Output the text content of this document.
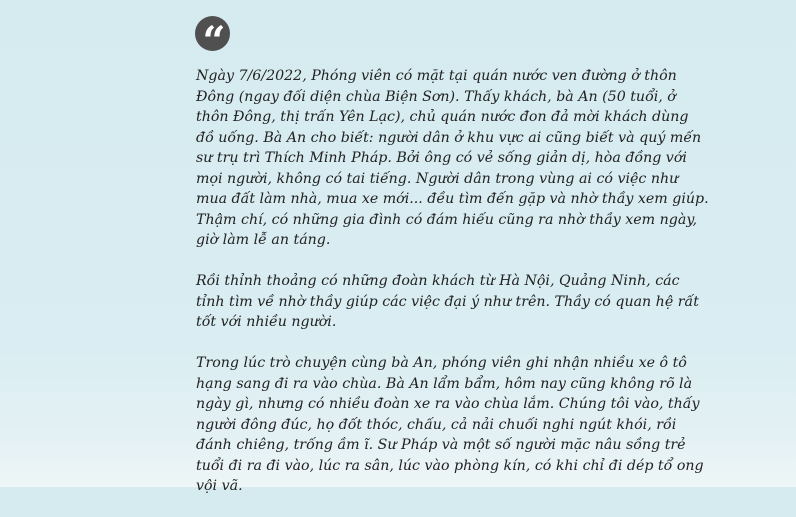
“

Ngày 7/6/2022, Phóng viên có mặt tại quán nước ven đường ở thôn
Đông (ngay đối diện chùa Biện Sơn). Thấy khách, bà An (50 tuổi, ở
thôn Đông, thị trấn Yên Lạc), chủ quán nước đon đả mời khách dùng
đồ uống. Bà An cho biết: người dân ở khu vực ai cũng biết và quý mến
sư trụ trì Thích Minh Pháp. Bởi ông có vẻ sống giản dị, hòa đồng với
mọi người, không có tai tiếng. Người dân trong vùng ai có việc như
mua đất làm nhà, mua xe mới... đều tìm đến gặp và nhờ thầy xem giúp.
Thậm chí, có những gia đình có đám hiếu cũng ra nhờ thầy xem ngày,
giờ làm lễ an táng.

Rồi thỉnh thoảng có những đoàn khách từ Hà Nội, Quảng Ninh, các
tỉnh tìm về nhờ thầy giúp các việc đại ý như trên. Thầy có quan hệ rất
tốt với nhiều người.

Trong lúc trò chuyện cùng bà An, phóng viên ghi nhận nhiều xe ô tô
hạng sang đi ra vào chùa. Bà An lẩm bẩm, hôm nay cũng không rõ là
ngày gì, nhưng có nhiều đoàn xe ra vào chùa lắm. Chúng tôi vào, thấy
người đông đúc, họ đốt thóc, chấu, cả nải chuối nghi ngút khói, rồi
đánh chiêng, trống ầm ĩ. Sư Pháp và một số người mặc nâu sồng trẻ
tuổi đi ra đi vào, lúc ra sân, lúc vào phòng kín, có khi chỉ đi dép tổ ong
vội vã.
